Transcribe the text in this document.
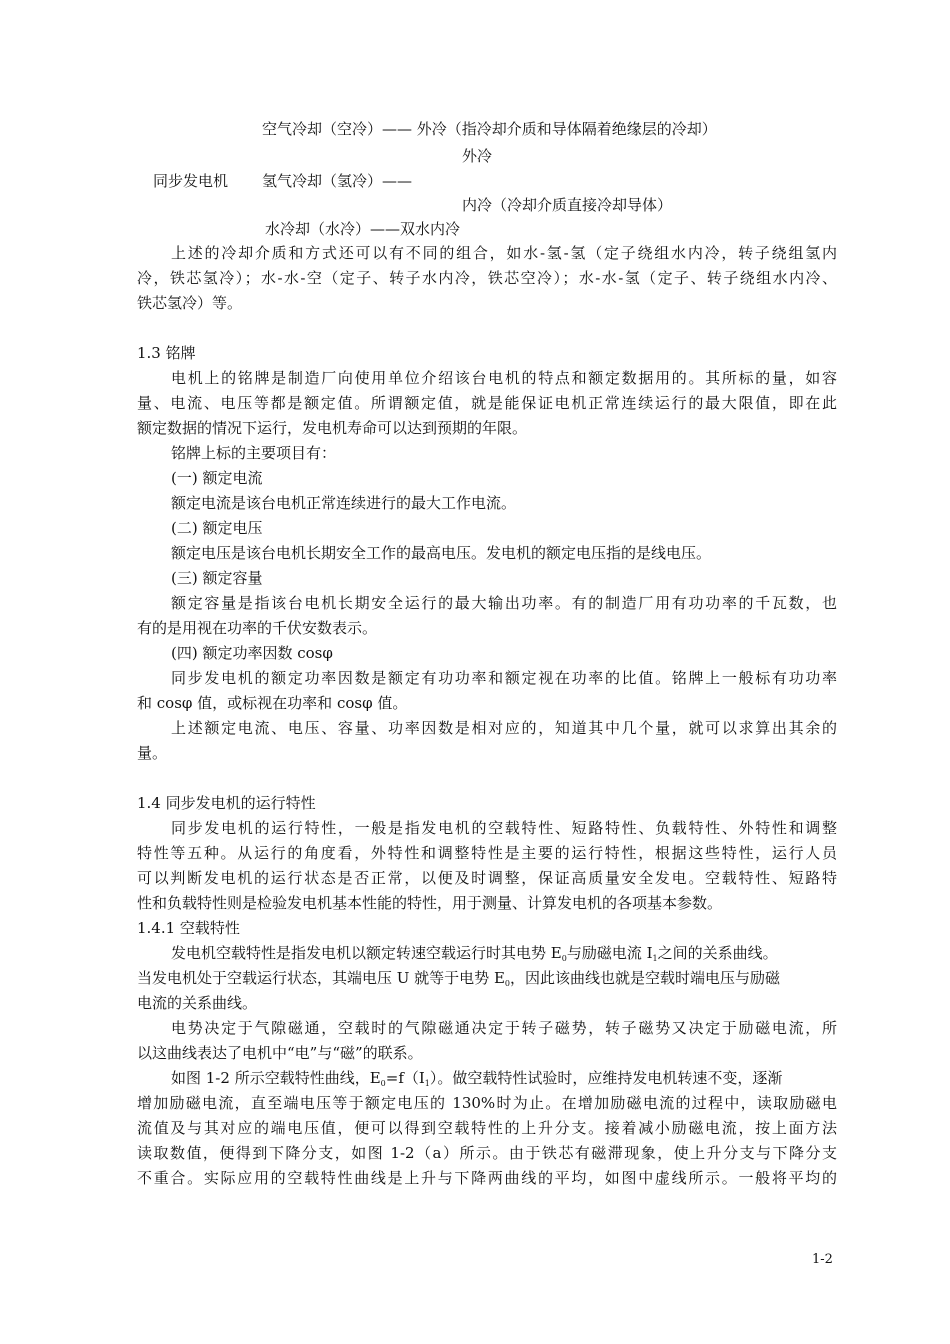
空气冷却（空冷）—— 外冷（指冷却介质和导体隔着绝缘层的冷却）
外冷
同步发电机 氢气冷却（氢冷）——
内冷（冷却介质直接冷却导体）
水冷却（水冷）——双水内冷
上述的冷却介质和方式还可以有不同的组合，如水-氢-氢（定子绕组水内冷，转子绕组氢内
冷，铁芯氢冷）；水-水-空（定子、转子水内冷，铁芯空冷）；水-水-氢（定子、转子绕组水内冷、
铁芯氢冷）等。
1.3 铭牌
电机上的铭牌是制造厂向使用单位介绍该台电机的特点和额定数据用的。其所标的量，如容
量、电流、电压等都是额定值。所谓额定值，就是能保证电机正常连续运行的最大限值，即在此
额定数据的情况下运行，发电机寿命可以达到预期的年限。
铭牌上标的主要项目有：
(一) 额定电流
额定电流是该台电机正常连续进行的最大工作电流。
(二) 额定电压
额定电压是该台电机长期安全工作的最高电压。发电机的额定电压指的是线电压。
(三) 额定容量
额定容量是指该台电机长期安全运行的最大输出功率。有的制造厂用有功功率的千瓦数，也
有的是用视在功率的千伏安数表示。
(四) 额定功率因数 cosφ
同步发电机的额定功率因数是额定有功功率和额定视在功率的比值。铭牌上一般标有功功率
和 cosφ 值，或标视在功率和 cosφ 值。
上述额定电流、电压、容量、功率因数是相对应的，知道其中几个量，就可以求算出其余的
量。
1.4 同步发电机的运行特性
同步发电机的运行特性，一般是指发电机的空载特性、短路特性、负载特性、外特性和调整
特性等五种。从运行的角度看，外特性和调整特性是主要的运行特性，根据这些特性，运行人员
可以判断发电机的运行状态是否正常，以便及时调整，保证高质量安全发电。空载特性、短路特
性和负载特性则是检验发电机基本性能的特性，用于测量、计算发电机的各项基本参数。
1.4.1 空载特性
发电机空载特性是指发电机以额定转速空载运行时其电势 $E_0$与励磁电流 $I_1$之间的关系曲线。
当发电机处于空载运行状态，其端电压 U 就等于电势 $E_0$，因此该曲线也就是空载时端电压与励磁
电流的关系曲线。
电势决定于气隙磁通，空载时的气隙磁通决定于转子磁势，转子磁势又决定于励磁电流，所
以这曲线表达了电机中“电”与“磁”的联系。
如图 1-2 所示空载特性曲线，$E_0=f(I_1)$。做空载特性试验时，应维持发电机转速不变，逐渐
增加励磁电流，直至端电压等于额定电压的 130%时为止。在增加励磁电流的过程中，读取励磁电
流值及与其对应的端电压值，便可以得到空载特性的上升分支。接着减小励磁电流，按上面方法
读取数值，便得到下降分支，如图 1-2（a）所示。由于铁芯有磁滞现象，使上升分支与下降分支
不重合。实际应用的空载特性曲线是上升与下降两曲线的平均，如图中虚线所示。一般将平均的
1-2
